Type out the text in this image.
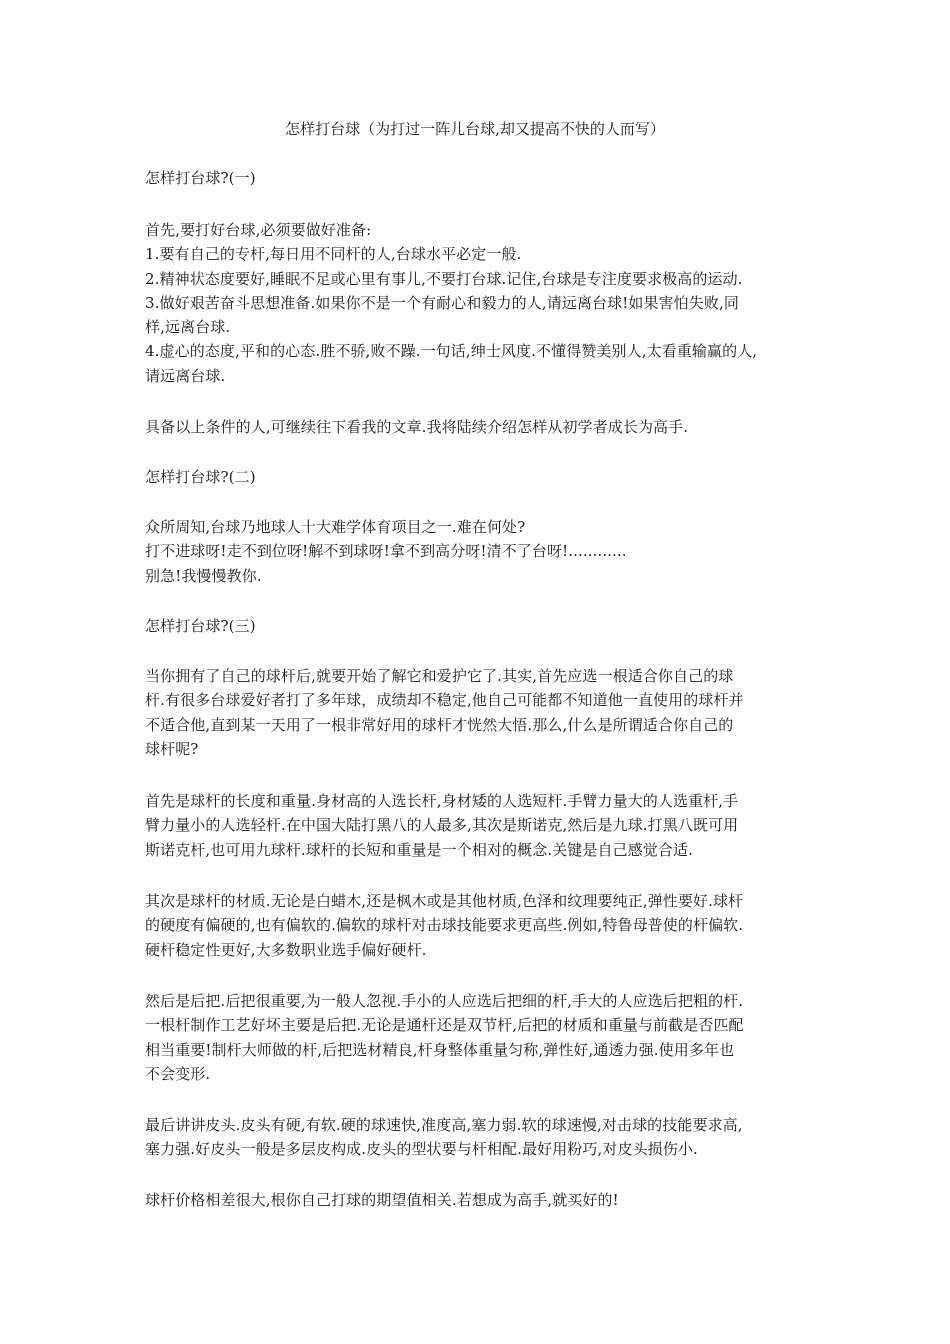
怎样打台球（为打过一阵儿台球,却又提高不快的人而写）
怎样打台球?(一)
首先,要打好台球,必须要做好准备:
1.要有自己的专杆,每日用不同杆的人,台球水平必定一般.
2.精神状态度要好,睡眠不足或心里有事儿,不要打台球.记住,台球是专注度要求极高的运动.
3.做好艰苦奋斗思想准备.如果你不是一个有耐心和毅力的人,请远离台球!如果害怕失败,同
样,远离台球.
4.虚心的态度,平和的心态.胜不骄,败不躁.一句话,绅士风度.不懂得赞美别人,太看重输赢的人,
请远离台球.
具备以上条件的人,可继续往下看我的文章.我将陆续介绍怎样从初学者成长为高手.
怎样打台球?(二)
众所周知,台球乃地球人十大难学体育项目之一.难在何处?
打不进球呀!走不到位呀!解不到球呀!拿不到高分呀!清不了台呀!............
别急!我慢慢教你.
怎样打台球?(三)
当你拥有了自己的球杆后,就要开始了解它和爱护它了.其实,首先应选一根适合你自己的球
杆.有很多台球爱好者打了多年球，成绩却不稳定,他自己可能都不知道他一直使用的球杆并
不适合他,直到某一天用了一根非常好用的球杆才恍然大悟.那么,什么是所谓适合你自己的
球杆呢?
首先是球杆的长度和重量.身材高的人选长杆,身材矮的人选短杆.手臂力量大的人选重杆,手
臂力量小的人选轻杆.在中国大陆打黑八的人最多,其次是斯诺克,然后是九球.打黑八既可用
斯诺克杆,也可用九球杆.球杆的长短和重量是一个相对的概念.关键是自己感觉合适.
其次是球杆的材质.无论是白蜡木,还是枫木或是其他材质,色泽和纹理要纯正,弹性要好.球杆
的硬度有偏硬的,也有偏软的.偏软的球杆对击球技能要求更高些.例如,特鲁母普使的杆偏软.
硬杆稳定性更好,大多数职业选手偏好硬杆.
然后是后把.后把很重要,为一般人忽视.手小的人应选后把细的杆,手大的人应选后把粗的杆.
一根杆制作工艺好坏主要是后把.无论是通杆还是双节杆,后把的材质和重量与前截是否匹配
相当重要!制杆大师做的杆,后把选材精良,杆身整体重量匀称,弹性好,通透力强.使用多年也
不会变形.
最后讲讲皮头.皮头有硬,有软.硬的球速快,准度高,塞力弱.软的球速慢,对击球的技能要求高,
塞力强.好皮头一般是多层皮构成.皮头的型状要与杆相配.最好用粉巧,对皮头损伤小.
球杆价格相差很大,根你自己打球的期望值相关.若想成为高手,就买好的!
